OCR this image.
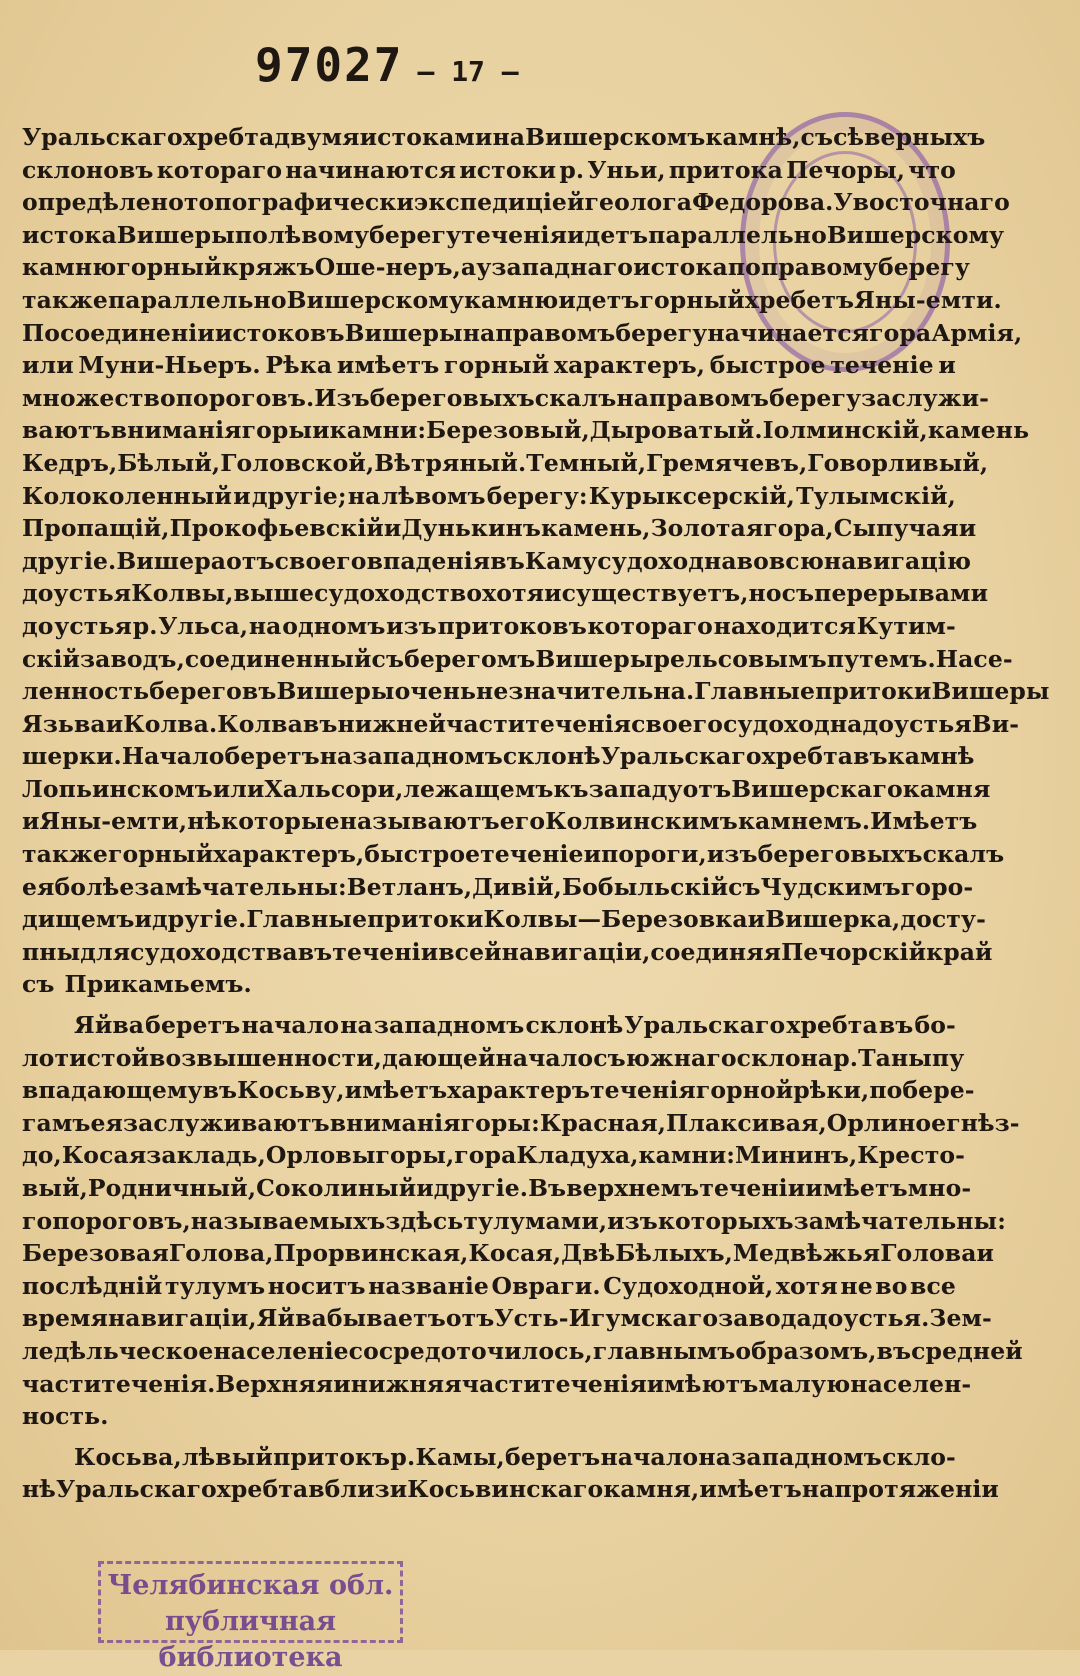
97027 — 17 —
Уральскаго хребта двумя истоками на Вишерскомъ камнѣ, съ сѣверныхъ
склоновъ котораго начинаются истоки р. Уньи, притока Печоры, что
опредѣлено топографически экспедиціей геолога Федорова. У восточнаго
истока Вишеры по лѣвому берегу теченія идетъ параллельно Вишерскому
камню горный кряжъ Оше-неръ, а у западнаго истока по правому берегу
также параллельно Вишерскому камню идетъ горный хребетъ Яны-емти.
По соединеніи истоковъ Вишеры на правомъ берегу начинается гора Армія,
или Муни-Ньеръ. Рѣка имѣетъ горный характеръ, быстрое теченіе и
множество пороговъ. Изъ береговыхъ скалъ на правомъ берегу заслужи-
ваютъ вниманія горы и камни: Березовый, Дыроватый. Іолминскій, камень
Кедръ, Бѣлый, Головской, Вѣтряный. Темный, Гремячевъ, Говорливый,
Колоколенный и другіе; на лѣвомъ берегу: Курыксерскій, Тулымскій,
Пропащій, Прокофьевскій и Дунькинъ камень, Золотая гора, Сыпучая и
другіе. Вишера отъ своего впаденія въ Каму судоходна во всю навигацію
до устья Колвы, выше судоходство хотя и существуетъ, но съ перерывами
до устья р. Ульса, на одномъ изъ притоковъ котораго находится Кутим-
скій заводъ, соединенный съ берегомъ Вишеры рельсовымъ путемъ. Насе-
ленность береговъ Вишеры очень незначительна. Главные притоки Вишеры
Язьва и Колва. Колва въ нижней части теченія своего судоходна до устья Ви-
шерки. Начало беретъ на западномъ склонѣ Уральскаго хребта въ камнѣ
Лопьинскомъ или Хальсори, лежащемъ къ западу отъ Вишерскаго камня
и Яны-емти, нѣкоторые называютъ его Колвинскимъ камнемъ. Имѣетъ
также горный характеръ, быстрое теченіе и пороги, изъ береговыхъ скалъ
ея болѣе замѣчательны: Ветланъ, Дивій, Бобыльскій съ Чудскимъ горо-
дищемъ и другіе. Главные притоки Колвы—Березовка и Вишерка, досту-
пны для судоходства въ теченіи всей навигаціи, соединяя Печорскій край
съ Прикамьемъ.
Яйва беретъ начало на западномъ склонѣ Уральскаго хребта въ бо-
лотистой возвышенности, дающей начало съ южнаго склона р. Таныпу
впадающему въ Косьву, имѣетъ характеръ теченія горной рѣки, по бере-
гамъ ея заслуживаютъ вниманія горы: Красная, Плаксивая, Орлиное гнѣз-
до, Косая закладь, Орловы горы, гора Кладуха, камни: Мининъ, Кресто-
вый, Родничный, Соколиный и другіе. Въ верхнемъ теченіи имѣетъ мно-
го пороговъ, называемыхъ здѣсь тулумами, изъ которыхъ замѣчательны:
Березовая Голова, Прорвинская, Косая, Двѣ Бѣлыхъ, Медвѣжья Голова и
послѣдній тулумъ носитъ названіе Овраги. Судоходной, хотя не во все
время навигаціи, Яйва бываетъ отъ Усть-Игумскаго завода до устья. Зем-
ледѣльческое населеніе сосредоточилось, главнымъ образомъ, въ средней
части теченія. Верхняя и нижняя части теченія имѣютъ малую населен-
ность.
Косьва, лѣвый притокъ р. Камы, беретъ начало на западномъ скло-
нѣ Уральскаго хребта вблизи Косьвинскаго камня, имѣетъ на протяженіи
Челябинская обл.
публичная библиотека
